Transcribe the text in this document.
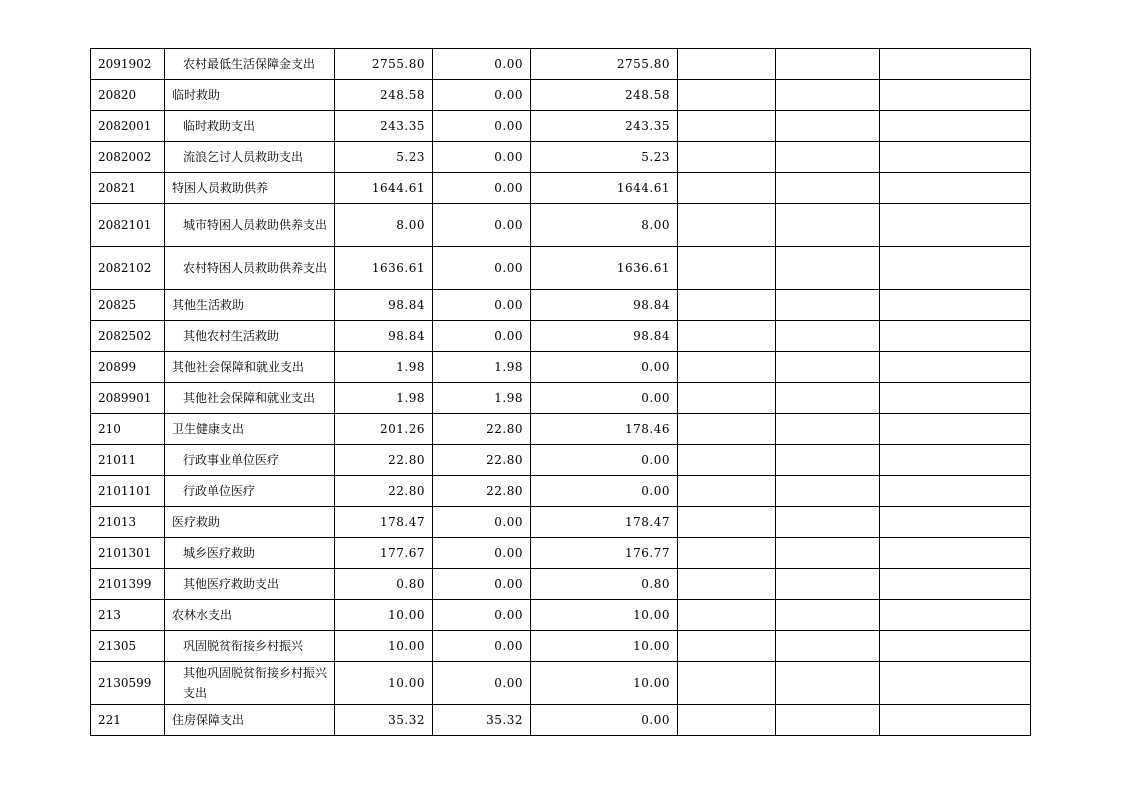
2091902	农村最低生活保障金支出	2755.80	0.00	2755.80			
20820	临时救助	248.58	0.00	248.58			
2082001	临时救助支出	243.35	0.00	243.35			
2082002	流浪乞讨人员救助支出	5.23	0.00	5.23			
20821	特困人员救助供养	1644.61	0.00	1644.61			
2082101	城市特困人员救助供养支出	8.00	0.00	8.00			
2082102	农村特困人员救助供养支出	1636.61	0.00	1636.61			
20825	其他生活救助	98.84	0.00	98.84			
2082502	其他农村生活救助	98.84	0.00	98.84			
20899	其他社会保障和就业支出	1.98	1.98	0.00			
2089901	其他社会保障和就业支出	1.98	1.98	0.00			
210	卫生健康支出	201.26	22.80	178.46			
21011	行政事业单位医疗	22.80	22.80	0.00			
2101101	行政单位医疗	22.80	22.80	0.00			
21013	医疗救助	178.47	0.00	178.47			
2101301	城乡医疗救助	177.67	0.00	176.77			
2101399	其他医疗救助支出	0.80	0.00	0.80			
213	农林水支出	10.00	0.00	10.00			
21305	巩固脱贫衔接乡村振兴	10.00	0.00	10.00			
2130599	其他巩固脱贫衔接乡村振兴支出	10.00	0.00	10.00			
221	住房保障支出	35.32	35.32	0.00			
